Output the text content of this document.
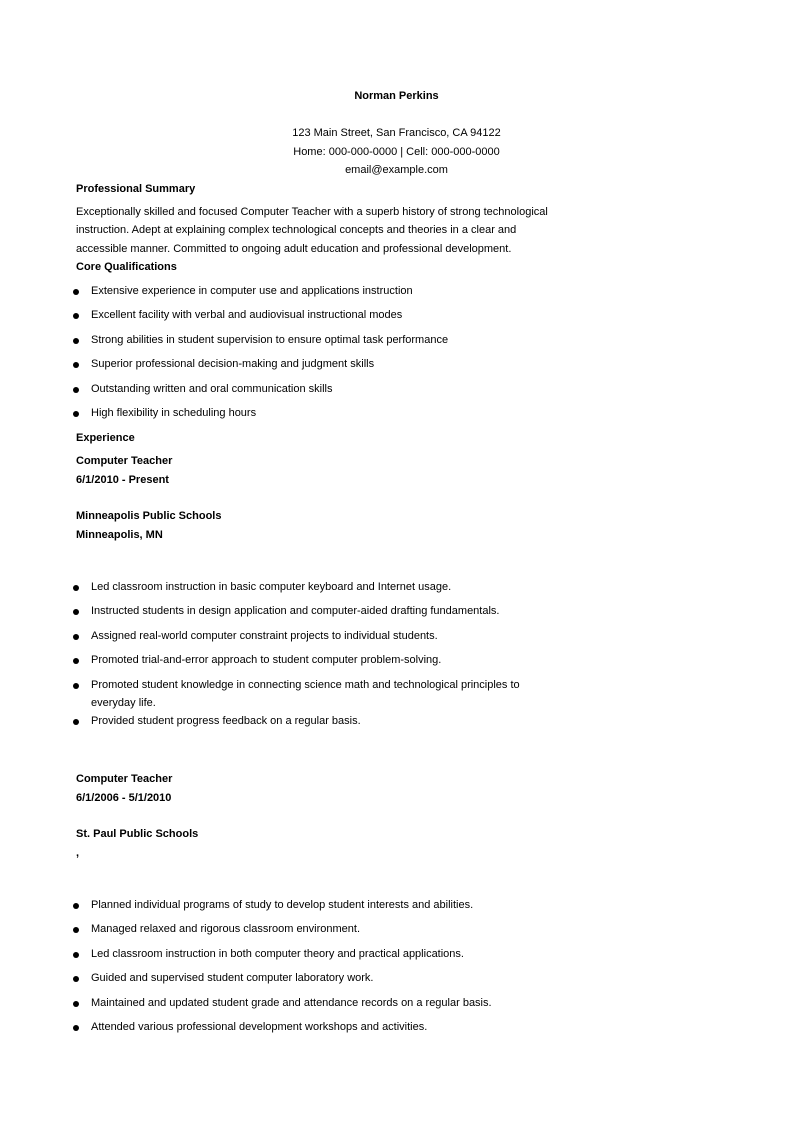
Norman Perkins
123 Main Street, San Francisco, CA 94122
Home: 000-000-0000 | Cell: 000-000-0000
email@example.com
Professional Summary
Exceptionally skilled and focused Computer Teacher with a superb history of strong technological
instruction. Adept at explaining complex technological concepts and theories in a clear and
accessible manner. Committed to ongoing adult education and professional development.
Core Qualifications
Extensive experience in computer use and applications instruction
Excellent facility with verbal and audiovisual instructional modes
Strong abilities in student supervision to ensure optimal task performance
Superior professional decision-making and judgment skills
Outstanding written and oral communication skills
High flexibility in scheduling hours
Experience
Computer Teacher
6/1/2010 - Present
Minneapolis Public Schools
Minneapolis, MN
Led classroom instruction in basic computer keyboard and Internet usage.
Instructed students in design application and computer-aided drafting fundamentals.
Assigned real-world computer constraint projects to individual students.
Promoted trial-and-error approach to student computer problem-solving.
Promoted student knowledge in connecting science math and technological principles to
everyday life.
Provided student progress feedback on a regular basis.
Computer Teacher
6/1/2006 - 5/1/2010
St. Paul Public Schools
,
Planned individual programs of study to develop student interests and abilities.
Managed relaxed and rigorous classroom environment.
Led classroom instruction in both computer theory and practical applications.
Guided and supervised student computer laboratory work.
Maintained and updated student grade and attendance records on a regular basis.
Attended various professional development workshops and activities.
